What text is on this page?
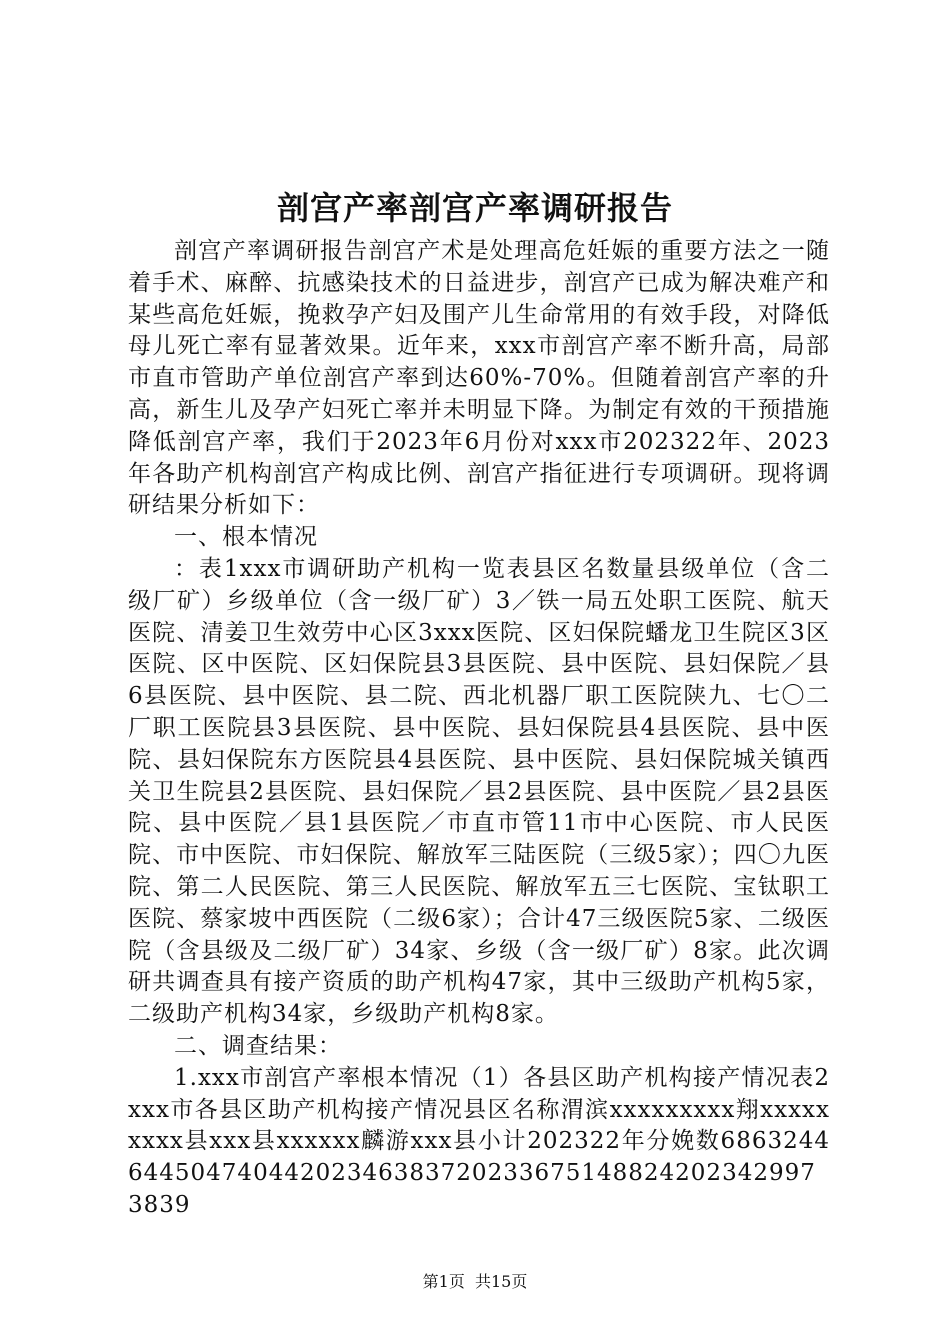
剖宫产率剖宫产率调研报告

剖宫产率调研报告剖宫产术是处理高危妊娠的重要方法之一随着手术、麻醉、抗感染技术的日益进步，剖宫产已成为解决难产和某些高危妊娠，挽救孕产妇及围产儿生命常用的有效手段，对降低母儿死亡率有显著效果。近年来，xxx市剖宫产率不断升高，局部市直市管助产单位剖宫产率到达60%-70%。但随着剖宫产率的升高，新生儿及孕产妇死亡率并未明显下降。为制定有效的干预措施降低剖宫产率，我们于2023年6月份对xxx市202322年、2023年各助产机构剖宫产构成比例、剖宫产指征进行专项调研。现将调研结果分析如下：

一、根本情况

：表1xxx市调研助产机构一览表县区名数量县级单位（含二级厂矿）乡级单位（含一级厂矿）3／铁一局五处职工医院、航天医院、清姜卫生效劳中心区3xxx医院、区妇保院蟠龙卫生院区3区医院、区中医院、区妇保院县3县医院、县中医院、县妇保院／县6县医院、县中医院、县二院、西北机器厂职工医院陕九、七〇二厂职工医院县3县医院、县中医院、县妇保院县4县医院、县中医院、县妇保院东方医院县4县医院、县中医院、县妇保院城关镇西关卫生院县2县医院、县妇保院／县2县医院、县中医院／县2县医院、县中医院／县1县医院／市直市管11市中心医院、市人民医院、市中医院、市妇保院、解放军三陆医院（三级5家）；四〇九医院、第二人民医院、第三人民医院、解放军五三七医院、宝钛职工医院、蔡家坡中西医院（二级6家）；合计47三级医院5家、二级医院（含县级及二级厂矿）34家、乡级（含一级厂矿）8家。此次调研共调查具有接产资质的助产机构47家，其中三级助产机构5家，二级助产机构34家，乡级助产机构8家。

二、调查结果：

1.xxx市剖宫产率根本情况（1）各县区助产机构接产情况表2xxx市各县区助产机构接产情况县区名称渭滨xxxxxxxxx翔xxxxxxxxx县xxx县xxxxxx麟游xxx县小计202322年分娩数686324464450474044202346383720233675148824202342997383​9

第1页  共15页
